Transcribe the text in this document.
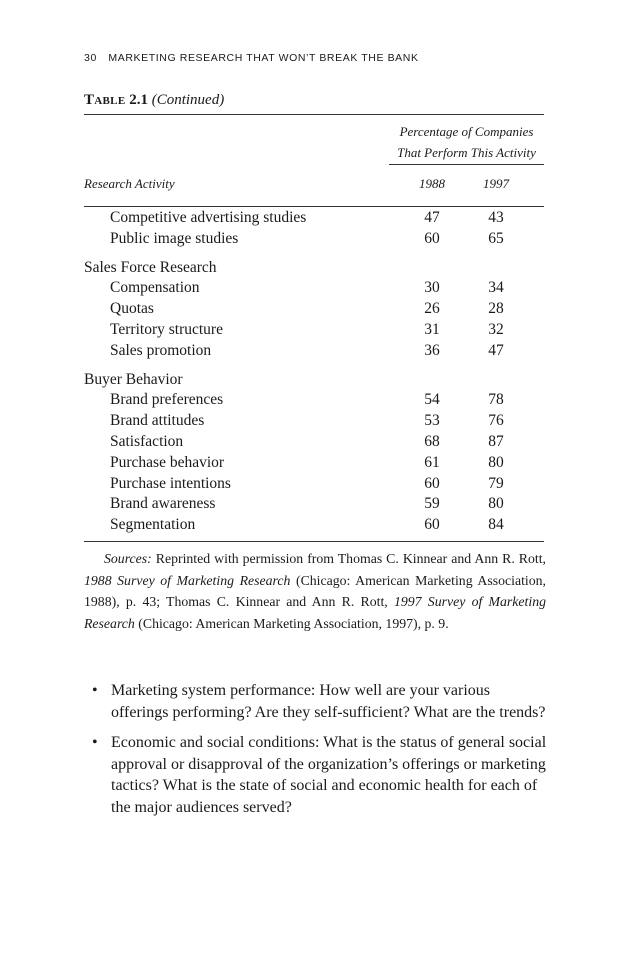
30 MARKETING RESEARCH THAT WON’T BREAK THE BANK
Table 2.1 (Continued)
Percentage of Companies
That Perform This Activity
Research Activity	1988	1997
Competitive advertising studies	47	43
Public image studies	60	65
Sales Force Research
Compensation	30	34
Quotas	26	28
Territory structure	31	32
Sales promotion	36	47
Buyer Behavior
Brand preferences	54	78
Brand attitudes	53	76
Satisfaction	68	87
Purchase behavior	61	80
Purchase intentions	60	79
Brand awareness	59	80
Segmentation	60	84
Sources: Reprinted with permission from Thomas C. Kinnear and Ann R. Rott, 1988 Survey of Marketing Research (Chicago: American Marketing Association, 1988), p. 43; Thomas C. Kinnear and Ann R. Rott, 1997 Survey of Marketing Research (Chicago: American Marketing Association, 1997), p. 9.
• Marketing system performance: How well are your various offerings performing? Are they self-sufficient? What are the trends?
• Economic and social conditions: What is the status of general social approval or disapproval of the organization’s offerings or marketing tactics? What is the state of social and economic health for each of the major audiences served?
